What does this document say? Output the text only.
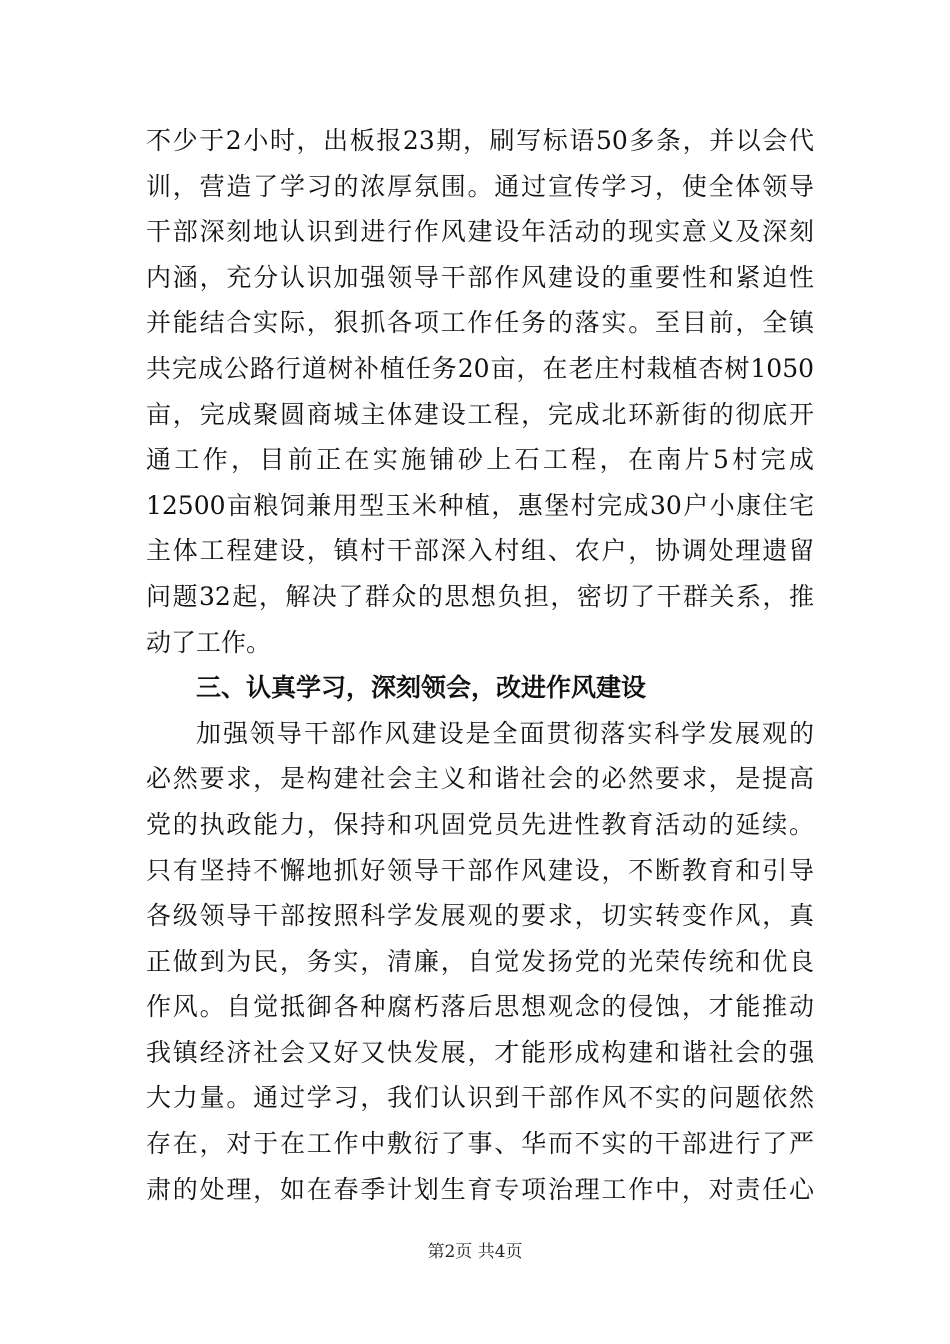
不少于2小时，出板报23期，刷写标语50多条，并以会代
训，营造了学习的浓厚氛围。通过宣传学习，使全体领导
干部深刻地认识到进行作风建设年活动的现实意义及深刻
内涵，充分认识加强领导干部作风建设的重要性和紧迫性
并能结合实际，狠抓各项工作任务的落实。至目前，全镇
共完成公路行道树补植任务20亩，在老庄村栽植杏树1050
亩，完成聚圆商城主体建设工程，完成北环新街的彻底开
通工作，目前正在实施铺砂上石工程，在南片5村完成
12500亩粮饲兼用型玉米种植，惠堡村完成30户小康住宅
主体工程建设，镇村干部深入村组、农户，协调处理遗留
问题32起，解决了群众的思想负担，密切了干群关系，推
动了工作。
三、认真学习，深刻领会，改进作风建设
加强领导干部作风建设是全面贯彻落实科学发展观的
必然要求，是构建社会主义和谐社会的必然要求，是提高
党的执政能力，保持和巩固党员先进性教育活动的延续。
只有坚持不懈地抓好领导干部作风建设，不断教育和引导
各级领导干部按照科学发展观的要求，切实转变作风，真
正做到为民，务实，清廉，自觉发扬党的光荣传统和优良
作风。自觉抵御各种腐朽落后思想观念的侵蚀，才能推动
我镇经济社会又好又快发展，才能形成构建和谐社会的强
大力量。通过学习，我们认识到干部作风不实的问题依然
存在，对于在工作中敷衍了事、华而不实的干部进行了严
肃的处理，如在春季计划生育专项治理工作中，对责任心
第2页 共4页
